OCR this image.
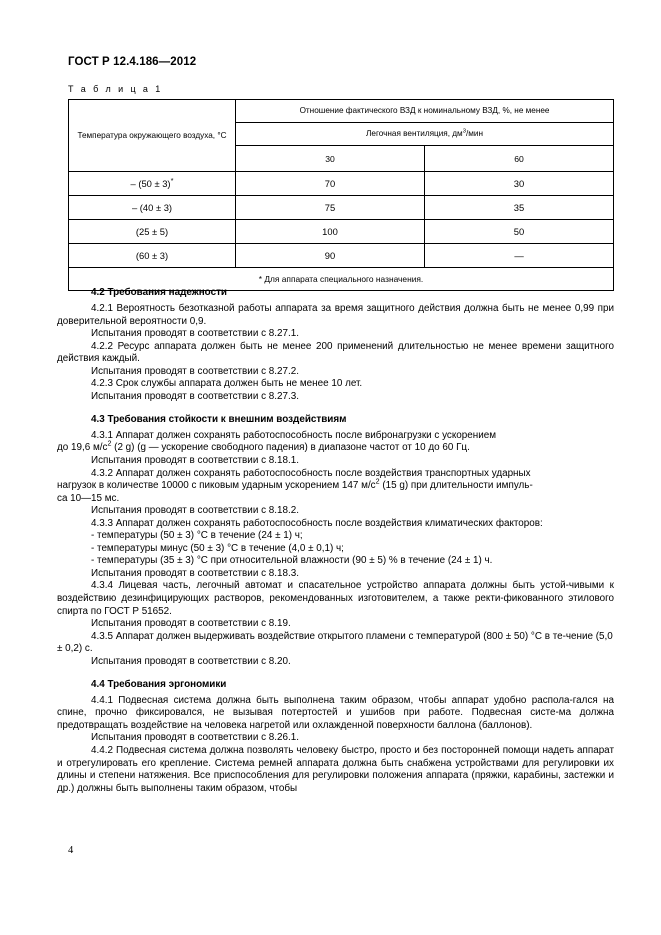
ГОСТ Р 12.4.186—2012
Т а б л и ц а 1
Температура окружающего воздуха, °С	Отношение фактического ВЗД к номинальному ВЗД, %, не менее	
	Легочная вентиляция, $дм^3$/мин	
	30	60
– (50 ± 3)*	70	30
– (40 ± 3)	75	35
(25 ± 5)	100	50
(60 ± 3)	90	—
* Для аппарата специального назначения.		
4.2 Требования надежности

4.2.1 Вероятность безотказной работы аппарата за время защитного действия должна быть не менее 0,99 при доверительной вероятности 0,9.

Испытания проводят в соответствии с 8.27.1.

4.2.2 Ресурс аппарата должен быть не менее 200 применений длительностью не менее времени защитного действия каждый.

Испытания проводят в соответствии с 8.27.2.

4.2.3 Срок службы аппарата должен быть не менее 10 лет.

Испытания проводят в соответствии с 8.27.3.

4.3 Требования стойкости к внешним воздействиям

4.3.1 Аппарат должен сохранять работоспособность после вибронагрузки с ускорением

до 19,6 $м/с^2$ (2 g) (g — ускорение свободного падения) в диапазоне частот от 10 до 60 Гц.

Испытания проводят в соответствии с 8.18.1.

4.3.2 Аппарат должен сохранять работоспособность после воздействия транспортных ударных

нагрузок в количестве 10000 с пиковым ударным ускорением 147 $м/с^2$ (15 g) при длительности импуль-

са 10—15 мс.

Испытания проводят в соответствии с 8.18.2.

4.3.3 Аппарат должен сохранять работоспособность после воздействия климатических факторов:

- температуры (50 ± 3) °С в течение (24 ± 1) ч;

- температуры минус (50 ± 3) °С в течение (4,0 ± 0,1) ч;

- температуры (35 ± 3) °С при относительной влажности (90 ± 5) % в течение (24 ± 1) ч.

Испытания проводят в соответствии с 8.18.3.

4.3.4 Лицевая часть, легочный автомат и спасательное устройство аппарата должны быть устой-чивыми к воздействию дезинфицирующих растворов, рекомендованных изготовителем, а также ректи-фикованного этилового спирта по ГОСТ Р 51652.

Испытания проводят в соответствии с 8.19.

4.3.5 Аппарат должен выдерживать воздействие открытого пламени с температурой (800 ± 50) °С в те-чение (5,0 ± 0,2) с.

Испытания проводят в соответствии с 8.20.

4.4 Требования эргономики

4.4.1 Подвесная система должна быть выполнена таким образом, чтобы аппарат удобно распола-гался на спине, прочно фиксировался, не вызывая потертостей и ушибов при работе. Подвесная систе-ма должна предотвращать воздействие на человека нагретой или охлажденной поверхности баллона (баллонов).

Испытания проводят в соответствии с 8.26.1.

4.4.2 Подвесная система должна позволять человеку быстро, просто и без посторонней помощи надеть аппарат и отрегулировать его крепление. Система ремней аппарата должна быть снабжена устройствами для регулировки их длины и степени натяжения. Все приспособления для регулировки положения аппарата (пряжки, карабины, застежки и др.) должны быть выполнены таким образом, чтобы

4
